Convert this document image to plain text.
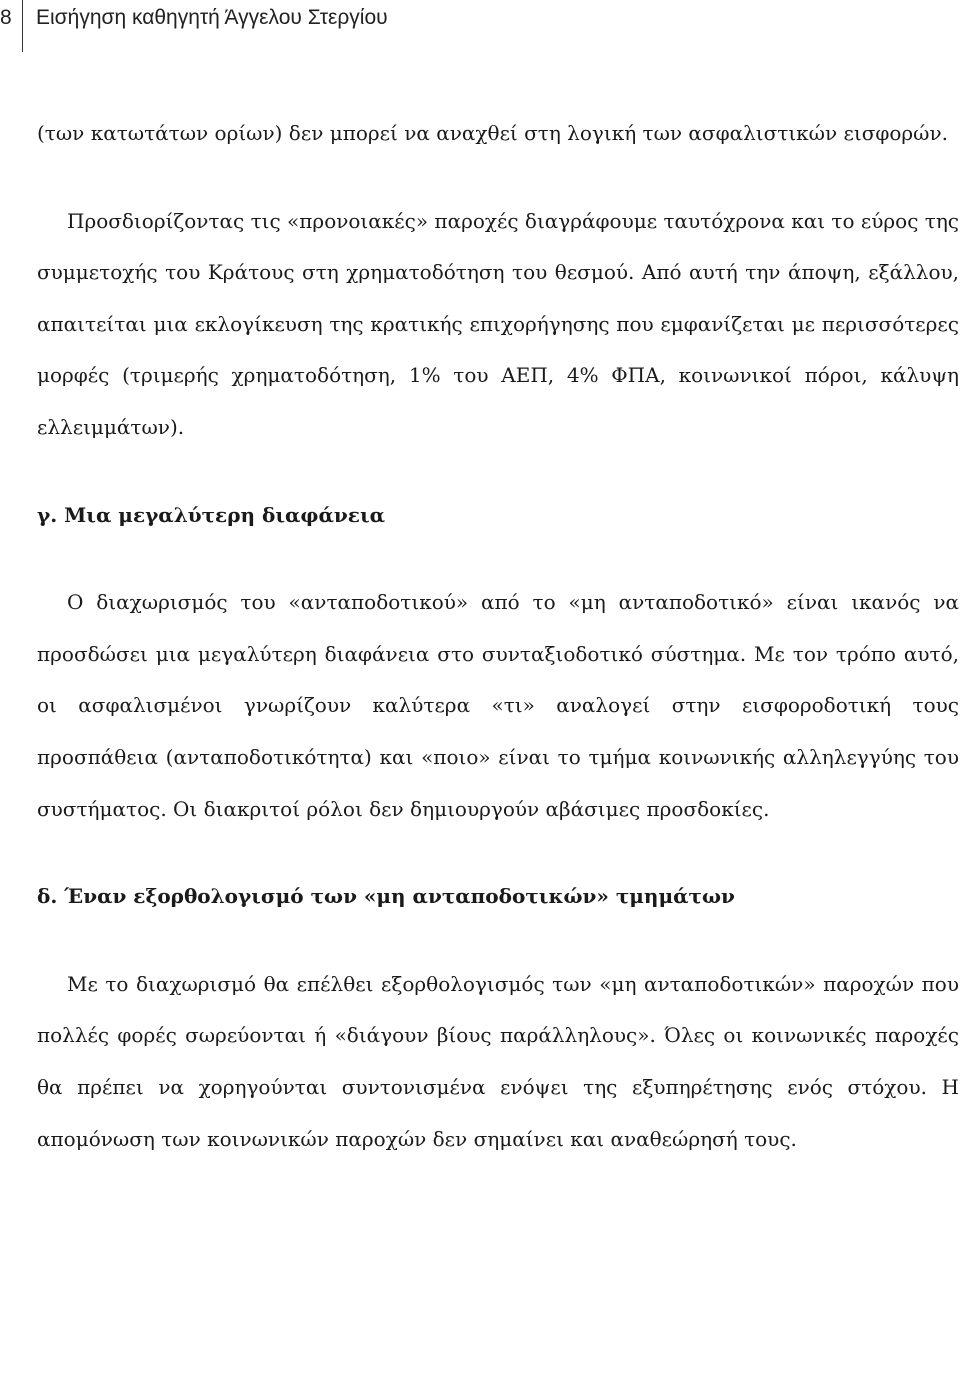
8	Εισήγηση καθηγητή Άγγελου Στεργίου

(των κατωτάτων ορίων) δεν μπορεί να αναχθεί στη λογική των ασφαλιστικών εισφορών.

Προσδιορίζοντας τις «προνοιακές» παροχές διαγράφουμε ταυτόχρονα και το εύρος της συμμετοχής του Κράτους στη χρηματοδότηση του θεσμού. Από αυτή την άποψη, εξάλλου, απαιτείται μια εκλογίκευση της κρατικής επιχορήγησης που εμφανίζεται με περισσότερες μορφές (τριμερής χρηματοδότηση, 1% του ΑΕΠ, 4% ΦΠΑ, κοινωνικοί πόροι, κάλυψη ελλειμμάτων).

γ. Μια μεγαλύτερη διαφάνεια

Ο διαχωρισμός του «ανταποδοτικού» από το «μη ανταποδοτικό» είναι ικανός να προσδώσει μια μεγαλύτερη διαφάνεια στο συνταξιοδοτικό σύστημα. Με τον τρόπο αυτό, οι ασφαλισμένοι γνωρίζουν καλύτερα «τι» αναλογεί στην εισφοροδοτική τους προσπάθεια (ανταποδοτικότητα) και «ποιο» είναι το τμήμα κοινωνικής αλληλεγγύης του συστήματος. Οι διακριτοί ρόλοι δεν δημιουργούν αβάσιμες προσδοκίες.

δ. Έναν εξορθολογισμό των «μη ανταποδοτικών» τμημάτων

Με το διαχωρισμό θα επέλθει εξορθολογισμός των «μη ανταποδοτικών» παροχών που πολλές φορές σωρεύονται ή «διάγουν βίους παράλληλους». Όλες οι κοινωνικές παροχές θα πρέπει να χορηγούνται συντονισμένα ενόψει της εξυπηρέτησης ενός στόχου. Η απομόνωση των κοινωνικών παροχών δεν σημαίνει και αναθεώρησή τους.
